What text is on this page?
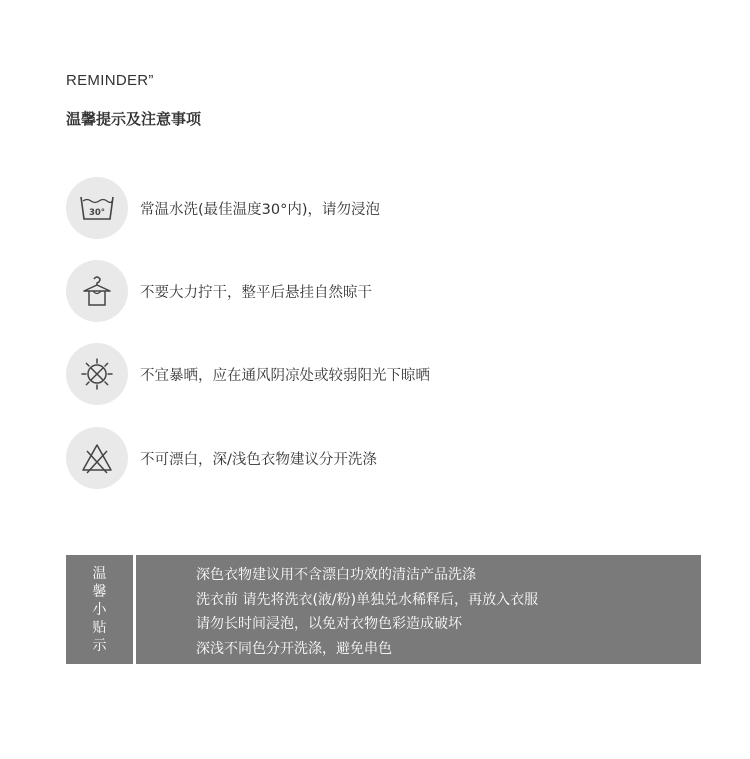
REMINDER”
温馨提示及注意事项
30° 常温水洗(最佳温度30°内)，请勿浸泡
不要大力拧干，整平后悬挂自然晾干
不宜暴晒，应在通风阴凉处或较弱阳光下晾晒
不可漂白，深/浅色衣物建议分开洗涤
温
馨
小
贴
示
深色衣物建议用不含漂白功效的清洁产品洗涤
洗衣前 请先将洗衣(液/粉)单独兑水稀释后，再放入衣服
请勿长时间浸泡，以免对衣物色彩造成破坏
深浅不同色分开洗涤，避免串色
